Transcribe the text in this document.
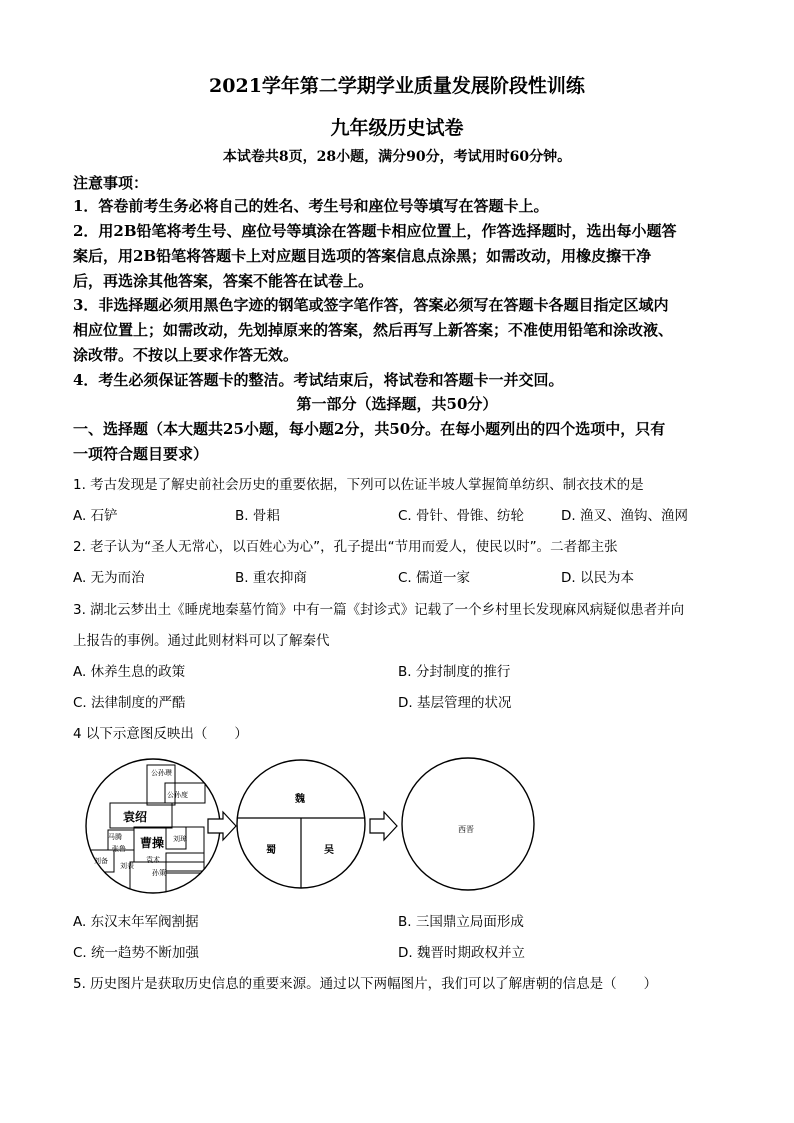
2021学年第二学期学业质量发展阶段性训练
九年级历史试卷
本试卷共8页，28小题，满分90分，考试用时60分钟。
注意事项：
1．答卷前考生务必将自己的姓名、考生号和座位号等填写在答题卡上。
2．用2B铅笔将考生号、座位号等填涂在答题卡相应位置上，作答选择题时，选出每小题答
案后，用2B铅笔将答题卡上对应题目选项的答案信息点涂黑；如需改动，用橡皮擦干净
后，再选涂其他答案，答案不能答在试卷上。
3．非选择题必须用黑色字迹的钢笔或签字笔作答，答案必须写在答题卡各题目指定区域内
相应位置上；如需改动，先划掉原来的答案，然后再写上新答案；不准使用铅笔和涂改液、
涂改带。不按以上要求作答无效。
4．考生必须保证答题卡的整洁。考试结束后，将试卷和答题卡一并交回。
第一部分（选择题，共50分）
一、选择题（本大题共25小题，每小题2分，共50分。在每小题列出的四个选项中，只有
一项符合题目要求）
1. 考古发现是了解史前社会历史的重要依据，下列可以佐证半坡人掌握简单纺织、制衣技术的是
A. 石铲	B. 骨耜	C. 骨针、骨锥、纺轮	D. 渔叉、渔钩、渔网
2. 老子认为“圣人无常心，以百姓心为心”，孔子提出“节用而爱人，使民以时”。二者都主张
A. 无为而治	B. 重农抑商	C. 儒道一家	D. 以民为本
3. 湖北云梦出土《睡虎地秦墓竹简》中有一篇《封诊式》记载了一个乡村里长发现麻风病疑似患者并向
上报告的事例。通过此则材料可以了解秦代
A. 休养生息的政策	B. 分封制度的推行
C. 法律制度的严酷	D. 基层管理的状况
4 以下示意图反映出（　　）
公孙瓒
公孙度
袁绍
曹操
马腾
张鲁
刘璋
刘表
袁术
孙策
刘备
魏
蜀	吴
西晋
A. 东汉末年军阀割据	B. 三国鼎立局面形成
C. 统一趋势不断加强	D. 魏晋时期政权并立
5. 历史图片是获取历史信息的重要来源。通过以下两幅图片，我们可以了解唐朝的信息是（　　）
